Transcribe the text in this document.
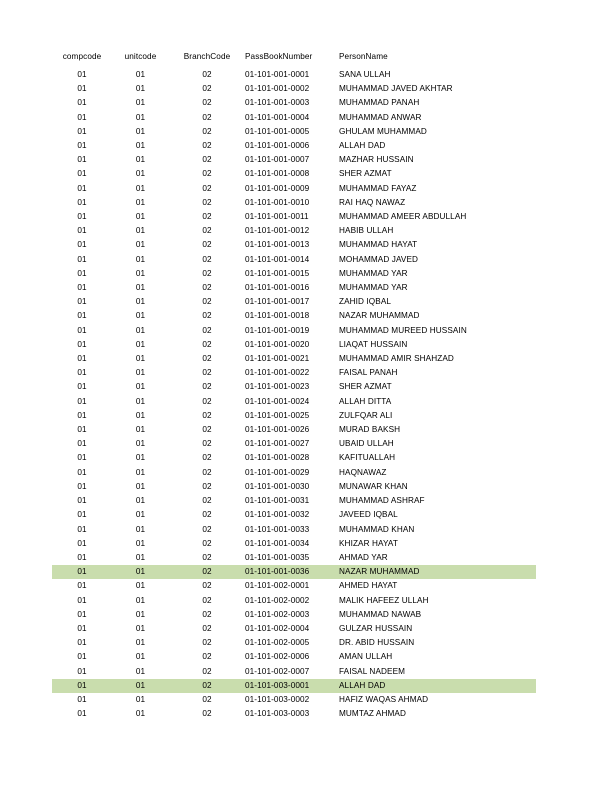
compcode	unitcode	BranchCode	PassBookNumber	PersonName
01	01	02	01-101-001-0001	SANA ULLAH
01	01	02	01-101-001-0002	MUHAMMAD JAVED AKHTAR
01	01	02	01-101-001-0003	MUHAMMAD PANAH
01	01	02	01-101-001-0004	MUHAMMAD ANWAR
01	01	02	01-101-001-0005	GHULAM MUHAMMAD
01	01	02	01-101-001-0006	ALLAH DAD
01	01	02	01-101-001-0007	MAZHAR HUSSAIN
01	01	02	01-101-001-0008	SHER AZMAT
01	01	02	01-101-001-0009	MUHAMMAD FAYAZ
01	01	02	01-101-001-0010	RAI HAQ NAWAZ
01	01	02	01-101-001-0011	MUHAMMAD AMEER ABDULLAH
01	01	02	01-101-001-0012	HABIB ULLAH
01	01	02	01-101-001-0013	MUHAMMAD HAYAT
01	01	02	01-101-001-0014	MOHAMMAD JAVED
01	01	02	01-101-001-0015	MUHAMMAD YAR
01	01	02	01-101-001-0016	MUHAMMAD YAR
01	01	02	01-101-001-0017	ZAHID IQBAL
01	01	02	01-101-001-0018	NAZAR MUHAMMAD
01	01	02	01-101-001-0019	MUHAMMAD MUREED HUSSAIN
01	01	02	01-101-001-0020	LIAQAT HUSSAIN
01	01	02	01-101-001-0021	MUHAMMAD AMIR SHAHZAD
01	01	02	01-101-001-0022	FAISAL PANAH
01	01	02	01-101-001-0023	SHER AZMAT
01	01	02	01-101-001-0024	ALLAH DITTA
01	01	02	01-101-001-0025	ZULFQAR ALI
01	01	02	01-101-001-0026	MURAD BAKSH
01	01	02	01-101-001-0027	UBAID ULLAH
01	01	02	01-101-001-0028	KAFITUALLAH
01	01	02	01-101-001-0029	HAQNAWAZ
01	01	02	01-101-001-0030	MUNAWAR KHAN
01	01	02	01-101-001-0031	MUHAMMAD ASHRAF
01	01	02	01-101-001-0032	JAVEED IQBAL
01	01	02	01-101-001-0033	MUHAMMAD KHAN
01	01	02	01-101-001-0034	KHIZAR HAYAT
01	01	02	01-101-001-0035	AHMAD YAR
01	01	02	01-101-001-0036	NAZAR MUHAMMAD
01	01	02	01-101-002-0001	AHMED HAYAT
01	01	02	01-101-002-0002	MALIK HAFEEZ ULLAH
01	01	02	01-101-002-0003	MUHAMMAD NAWAB
01	01	02	01-101-002-0004	GULZAR HUSSAIN
01	01	02	01-101-002-0005	DR. ABID HUSSAIN
01	01	02	01-101-002-0006	AMAN ULLAH
01	01	02	01-101-002-0007	FAISAL NADEEM
01	01	02	01-101-003-0001	ALLAH DAD
01	01	02	01-101-003-0002	HAFIZ WAQAS AHMAD
01	01	02	01-101-003-0003	MUMTAZ AHMAD
